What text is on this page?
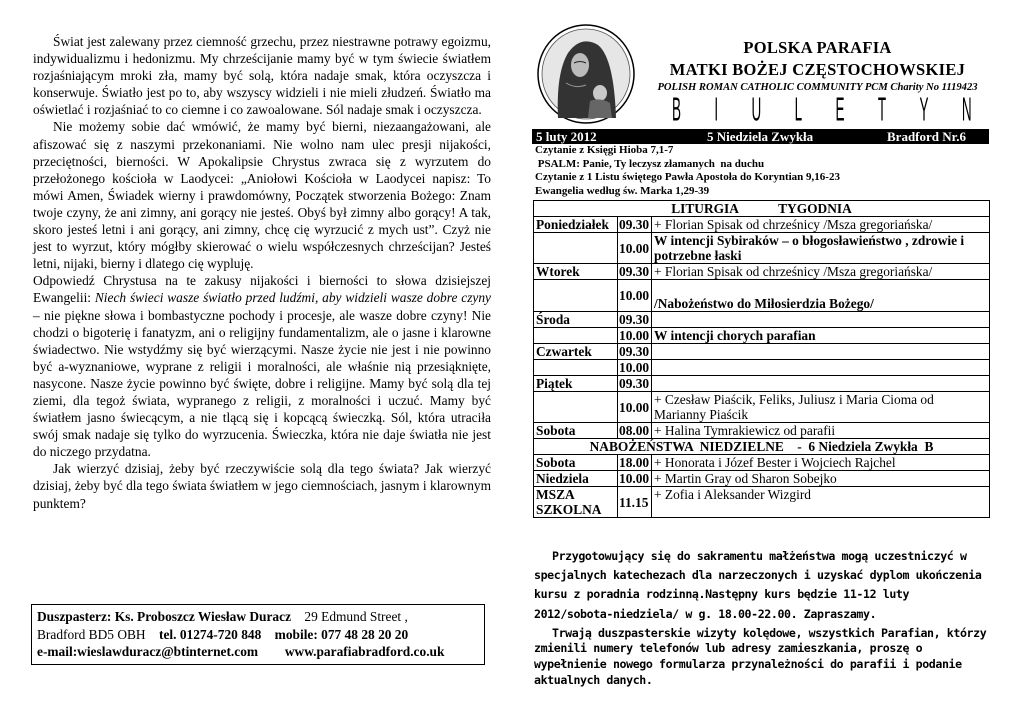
Świat jest zalewany przez ciemność grzechu, przez niestrawne potrawy egoizmu, indywidualizmu i hedonizmu. My chrześcijanie mamy być w tym świecie światłem rozjaśniającym mroki zła, mamy być solą, która nadaje smak, która oczyszcza i konserwuje. Światło jest po to, aby wszyscy widzieli i nie mieli złudzeń. Światło ma oświetlać i rozjaśniać to co ciemne i co zawoalowane. Sól nadaje smak i oczyszcza.

Nie możemy sobie dać wmówić, że mamy być bierni, niezaangażowani, ale afiszować się z naszymi przekonaniami. Nie wolno nam ulec presji nijakości, przeciętności, bierności. W Apokalipsie Chrystus zwraca się z wyrzutem do przełożonego kościoła w Laodycei: „Aniołowi Kościoła w Laodycei napisz: To mówi Amen, Świadek wierny i prawdomówny, Początek stworzenia Bożego: Znam twoje czyny, że ani zimny, ani gorący nie jesteś. Obyś był zimny albo gorący! A tak, skoro jesteś letni i ani gorący, ani zimny, chcę cię wyrzucić z mych ust”. Czyż nie jest to wyrzut, który mógłby skierować o wielu współczesnych chrześcijan? Jesteś letni, nijaki, bierny i dlatego cię wypluję.

Odpowiedź Chrystusa na te zakusy nijakości i bierności to słowa dzisiejszej Ewangelii: Niech świeci wasze światło przed ludźmi, aby widzieli wasze dobre czyny – nie piękne słowa i bombastyczne pochody i procesje, ale wasze dobre czyny! Nie chodzi o bigoterię i fanatyzm, ani o religijny fundamentalizm, ale o jasne i klarowne świadectwo. Nie wstydźmy się być wierzącymi. Nasze życie nie jest i nie powinno być a-wyznaniowe, wyprane z religii i moralności, ale właśnie nią przesiąknięte, nasycone. Nasze życie powinno być święte, dobre i religijne. Mamy być solą dla tej ziemi, dla tegoż świata, wypranego z religii, z moralności i uczuć. Mamy być światłem jasno świecącym, a nie tlącą się i kopcącą świeczką. Sól, która utraciła swój smak nadaje się tylko do wyrzucenia. Świeczka, która nie daje światła nie jest do niczego przydatna.

Jak wierzyć dzisiaj, żeby być rzeczywiście solą dla tego świata? Jak wierzyć dzisiaj, żeby być dla tego świata światłem w jego ciemnościach, jasnym i klarownym punktem?

Duszpasterz: Ks. Proboszcz Wiesław Duracz 29 Edmund Street ,
Bradford BD5 OBH tel. 01274-720 848 mobile: 077 48 28 20 20
e-mail:wieslawduracz@btinternet.com www.parafiabradford.co.uk
POLSKA PARAFIA
MATKI BOŻEJ CZĘSTOCHOWSKIEJ
POLISH ROMAN CATHOLIC COMMUNITY PCM Charity No 1119423
B I U L E T Y N
5 luty 2012	5 Niedziela Zwykła	Bradford Nr.6
Czytanie z Księgi Hioba 7,1-7
PSALM: Panie, Ty leczysz złamanych  na duchu
Czytanie z 1 Listu świętego Pawła Apostoła do Koryntian 9,16-23
Ewangelia według św. Marka 1,29-39
LITURGIA            TYGODNIA		
Poniedziałek	09.30	+ Florian Spisak od chrześnicy /Msza gregoriańska/
	10.00	W intencji Sybiraków – o błogosławieństwo , zdrowie i potrzebne łaski
Wtorek	09.30	+ Florian Spisak od chrześnicy /Msza gregoriańska/
	10.00	/Nabożeństwo do Miłosierdzia Bożego/
Środa	09.30	
	10.00	W intencji chorych parafian
Czwartek	09.30	
	10.00	
Piątek	09.30	
	10.00	+ Czesław Piaścik, Feliks, Juliusz i Maria Cioma od Marianny Piaścik
Sobota	08.00	+ Halina Tymrakiewicz od parafii
NABOŻEŃSTWA  NIEDZIELNE    -  6 Niedziela Zwykła  B		
Sobota	18.00	+ Honorata i Józef Bester i Wojciech Rajchel
Niedziela	10.00	+ Martin Gray od Sharon Sobejko
MSZA SZKOLNA	11.15	+ Zofia i Aleksander Wizgird

Przygotowujący się do sakramentu małżeństwa mogą uczestniczyć w specjalnych katechezach dla narzeczonych i uzyskać dyplom ukończenia kursu z poradnia rodzinną.Następny kurs będzie 11-12 luty 2012/sobota-niedziela/ w g. 18.00-22.00. Zapraszamy.

Trwają duszpasterskie wizyty kolędowe, wszystkich Parafian, którzy zmienili numery telefonów lub adresy zamieszkania, proszę o wypełnienie nowego formularza przynależności do parafii i podanie aktualnych danych.
